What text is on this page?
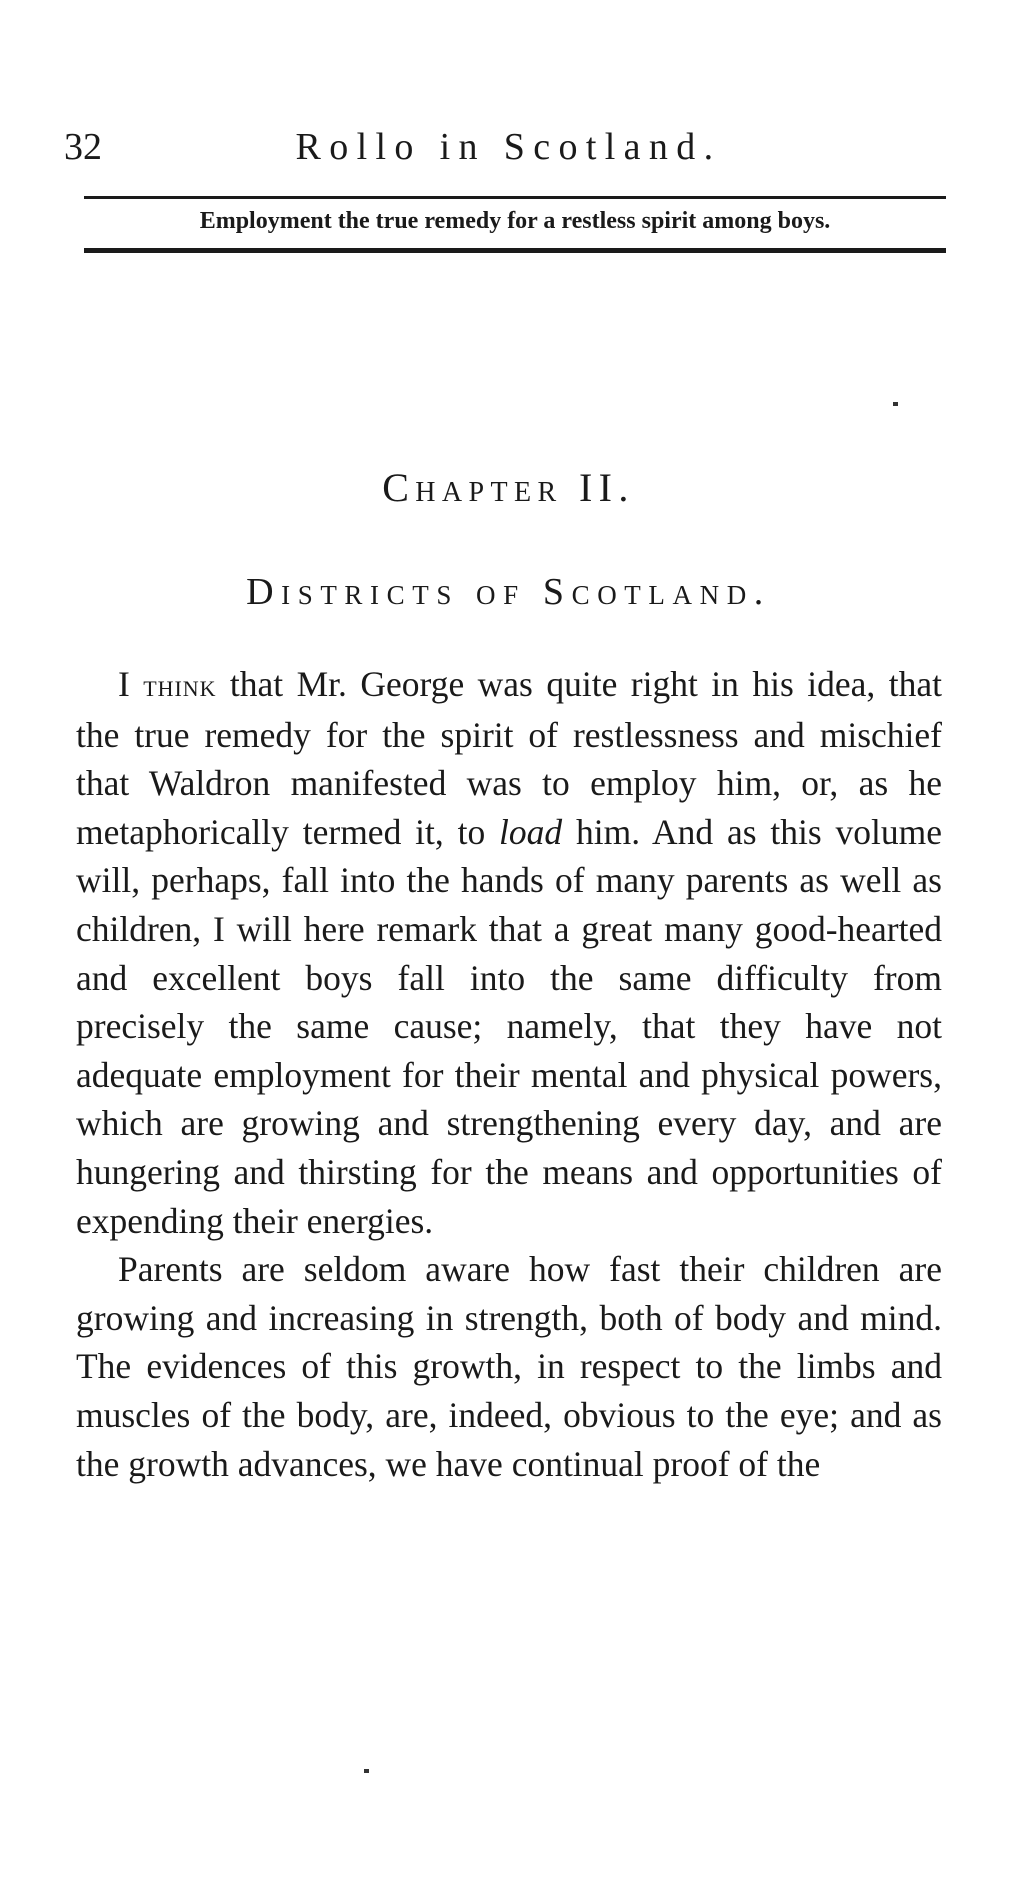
32	Rollo in Scotland.
Employment the true remedy for a restless spirit among boys.
Chapter II.
Districts of Scotland.

I think that Mr. George was quite right in his idea, that the true remedy for the spirit of restlessness and mischief that Waldron manifested was to employ him, or, as he metaphorically termed it, to load him. And as this volume will, perhaps, fall into the hands of many parents as well as children, I will here remark that a great many good-hearted and excellent boys fall into the same difficulty from precisely the same cause; namely, that they have not adequate employment for their mental and physical powers, which are growing and strengthening every day, and are hungering and thirsting for the means and opportunities of expending their energies.

Parents are seldom aware how fast their children are growing and increasing in strength, both of body and mind. The evidences of this growth, in respect to the limbs and muscles of the body, are, indeed, obvious to the eye; and as the growth advances, we have continual proof of the
